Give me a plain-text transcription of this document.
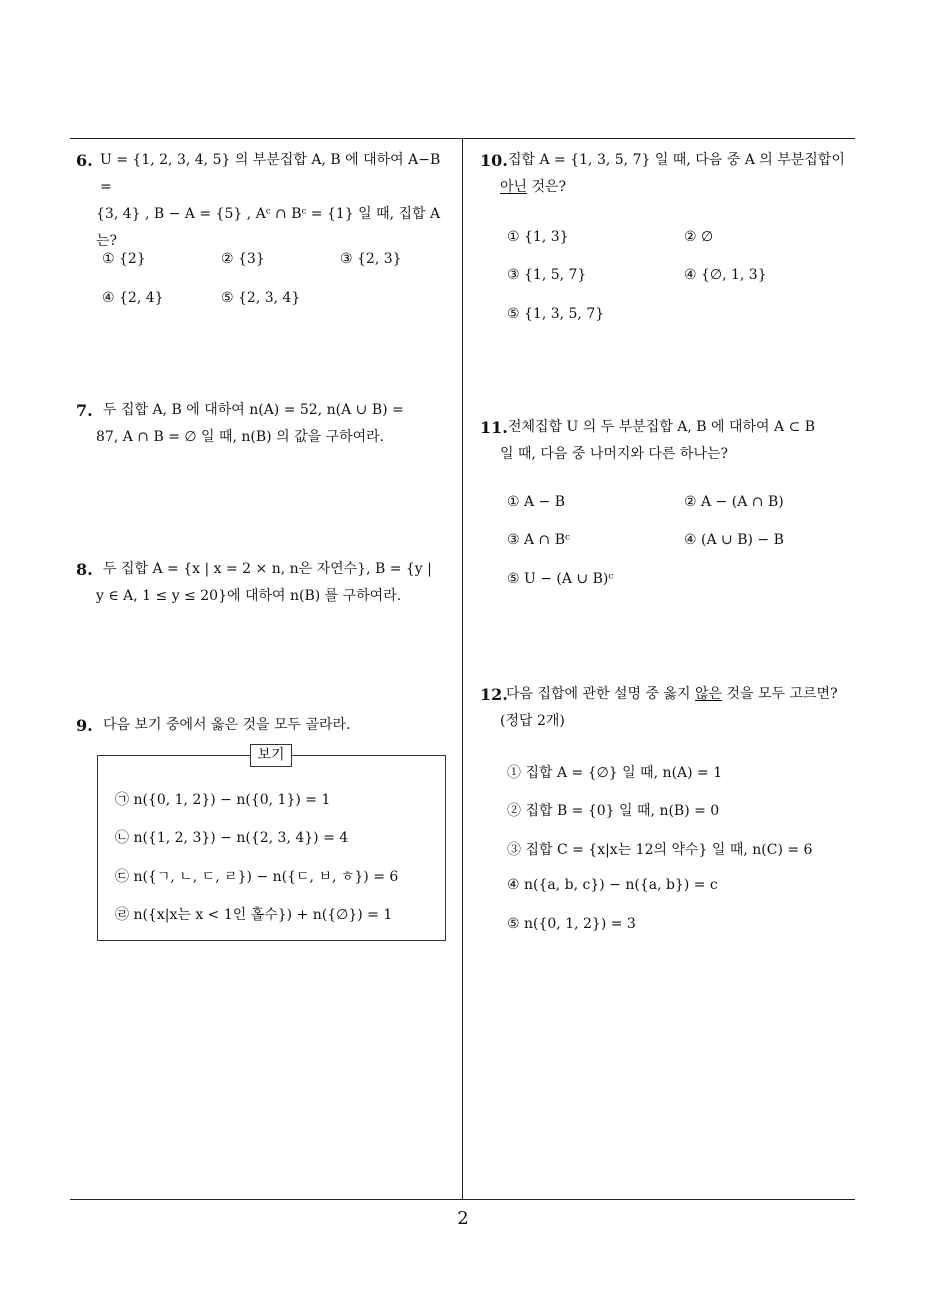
6. U = {1, 2, 3, 4, 5} 의 부분집합 A, B 에 대하여 A−B =
{3, 4} , B − A = {5} , Aᶜ ∩ Bᶜ = {1} 일 때, 집합 A
는?
① {2}	② {3}	③ {2, 3}
④ {2, 4}	⑤ {2, 3, 4}
7. 두 집합 A, B 에 대하여 n(A) = 52, n(A ∪ B) =
87, A ∩ B = ∅ 일 때, n(B) 의 값을 구하여라.
8. 두 집합 A = {x | x = 2 × n, n은 자연수}, B = {y |
y ∈ A, 1 ≤ y ≤ 20}에 대하여 n(B) 를 구하여라.
9. 다음 보기 중에서 옳은 것을 모두 골라라.
보기
㉠ n({0, 1, 2}) − n({0, 1}) = 1
㉡ n({1, 2, 3}) − n({2, 3, 4}) = 4
㉢ n({ㄱ, ㄴ, ㄷ, ㄹ}) − n({ㄷ, ㅂ, ㅎ}) = 6
㉣ n({x|x는 x < 1인 홀수}) + n({∅}) = 1
10. 집합 A = {1, 3, 5, 7} 일 때, 다음 중 A 의 부분집합이
아닌 것은?
① {1, 3}	② ∅
③ {1, 5, 7}	④ {∅, 1, 3}
⑤ {1, 3, 5, 7}
11. 전체집합 U 의 두 부분집합 A, B 에 대하여 A ⊂ B
일 때, 다음 중 나머지와 다른 하나는?
① A − B	② A − (A ∩ B)
③ A ∩ Bᶜ	④ (A ∪ B) − B
⑤ U − (A ∪ B)ᶜ
12.
다음 집합에 관한 설명 중 옳지 않은 것을 모두 고르면?
(정답 2개)
① 집합 A = {∅} 일 때, n(A) = 1
② 집합 B = {0} 일 때, n(B) = 0
③ 집합 C = {x|x는 12의 약수} 일 때, n(C) = 6
④ n({a, b, c}) − n({a, b}) = c
⑤ n({0, 1, 2}) = 3
2
